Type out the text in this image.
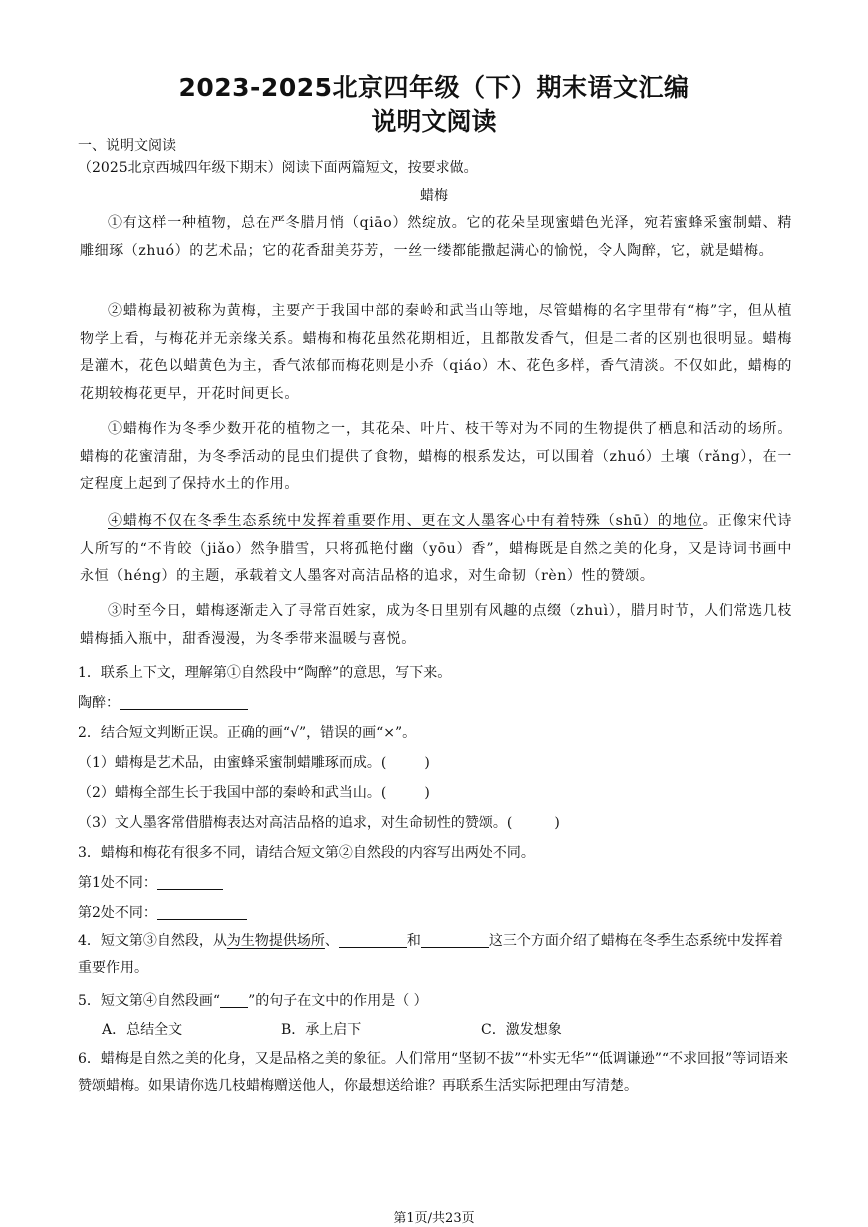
2023-2025北京四年级（下）期末语文汇编
说明文阅读
一、说明文阅读
（2025北京西城四年级下期末）阅读下面两篇短文，按要求做。
蜡梅
①有这样一种植物，总在严冬腊月悄（qiāo）然绽放。它的花朵呈现蜜蜡色光泽，宛若蜜蜂采蜜制蜡、精雕细琢（zhuó）的艺术品；它的花香甜美芬芳，一丝一缕都能撒起满心的愉悦，令人陶醉，它，就是蜡梅。
②蜡梅最初被称为黄梅，主要产于我国中部的秦岭和武当山等地，尽管蜡梅的名字里带有“梅”字，但从植物学上看，与梅花并无亲缘关系。蜡梅和梅花虽然花期相近，且都散发香气，但是二者的区别也很明显。蜡梅是灌木，花色以蜡黄色为主，香气浓郁而梅花则是小乔（qiáo）木、花色多样，香气清淡。不仅如此，蜡梅的花期较梅花更早，开花时间更长。
①蜡梅作为冬季少数开花的植物之一，其花朵、叶片、枝干等对为不同的生物提供了栖息和活动的场所。蜡梅的花蜜清甜，为冬季活动的昆虫们提供了食物，蜡梅的根系发达，可以围着（zhuó）土壤（rǎng），在一定程度上起到了保持水土的作用。
④蜡梅不仅在冬季生态系统中发挥着重要作用、更在文人墨客心中有着特殊（shū）的地位。正像宋代诗人所写的“不肯皎（jiǎo）然争腊雪，只将孤艳付幽（yōu）香”，蜡梅既是自然之美的化身，又是诗词书画中永恒（héng）的主题，承载着文人墨客对高洁品格的追求，对生命韧（rèn）性的赞颂。
③时至今日，蜡梅逐渐走入了寻常百姓家，成为冬日里别有风趣的点缀（zhuì），腊月时节，人们常选几枝蜡梅插入瓶中，甜香漫漫，为冬季带来温暖与喜悦。
1．联系上下文，理解第①自然段中“陶醉”的意思，写下来。
陶醉：
2．结合短文判断正误。正确的画“√”，错误的画“×”。
（1）蜡梅是艺术品，由蜜蜂采蜜制蜡雕琢而成。(	)
（2）蜡梅全部生长于我国中部的秦岭和武当山。(	)
（3）文人墨客常借腊梅表达对高洁品格的追求，对生命韧性的赞颂。(	)
3．蜡梅和梅花有很多不同，请结合短文第②自然段的内容写出两处不同。
第1处不同：
第2处不同：
4．短文第③自然段，从为生物提供场所、	和	这三个方面介绍了蜡梅在冬季生态系统中发挥着重要作用。
5．短文第④自然段画“ ”的句子在文中的作用是（ ）
A．总结全文	B．承上启下	C．激发想象
6．蜡梅是自然之美的化身，又是品格之美的象征。人们常用“坚韧不拔”“朴实无华”“低调谦逊”“不求回报”等词语来赞颂蜡梅。如果请你选几枝蜡梅赠送他人，你最想送给谁？再联系生活实际把理由写清楚。
第1页/共23页
